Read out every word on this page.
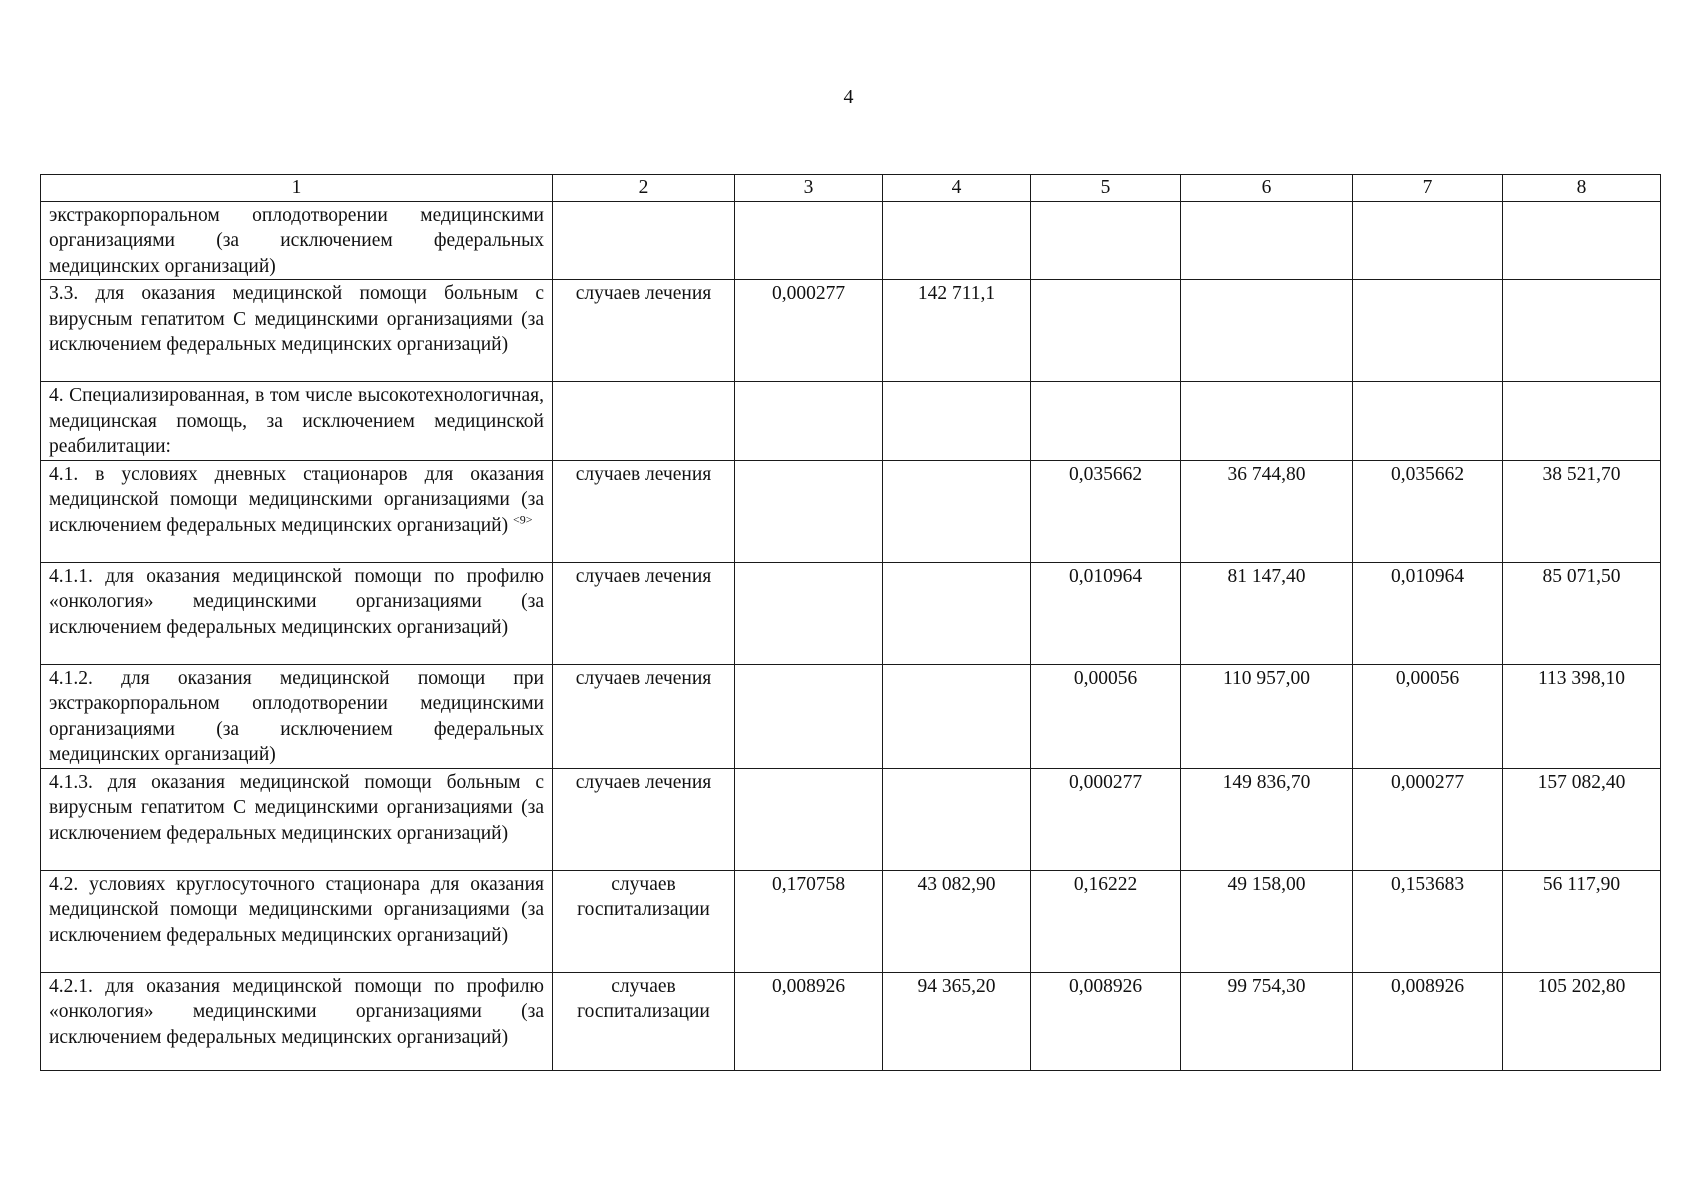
4
1	2	3	4	5	6	7	8
экстракорпоральном оплодотворении медицинскими организациями (за исключением федеральных медицинских организаций)							
3.3. для оказания медицинской помощи больным с вирусным гепатитом С медицинскими организациями (за исключением федеральных медицинских организаций)	случаев лечения	0,000277	142 711,1				
4. Специализированная, в том числе высокотехнологичная, медицинская помощь, за исключением медицинской реабилитации:							
4.1. в условиях дневных стационаров для оказания медицинской помощи медицинскими организациями (за исключением федеральных медицинских организаций) $^{<9>}$	случаев лечения			0,035662	36 744,80	0,035662	38 521,70
4.1.1. для оказания медицинской помощи по профилю «онкология» медицинскими организациями (за исключением федеральных медицинских организаций)	случаев лечения			0,010964	81 147,40	0,010964	85 071,50
4.1.2. для оказания медицинской помощи при экстракорпоральном оплодотворении медицинскими организациями (за исключением федеральных медицинских организаций)	случаев лечения			0,00056	110 957,00	0,00056	113 398,10
4.1.3. для оказания медицинской помощи больным с вирусным гепатитом С медицинскими организациями (за исключением федеральных медицинских организаций)	случаев лечения			0,000277	149 836,70	0,000277	157 082,40
4.2. условиях круглосуточного стационара для оказания медицинской помощи медицинскими организациями (за исключением федеральных медицинских организаций)	случаев госпитализации	0,170758	43 082,90	0,16222	49 158,00	0,153683	56 117,90
4.2.1. для оказания медицинской помощи по профилю «онкология» медицинскими организациями (за исключением федеральных медицинских организаций)	случаев госпитализации	0,008926	94 365,20	0,008926	99 754,30	0,008926	105 202,80
